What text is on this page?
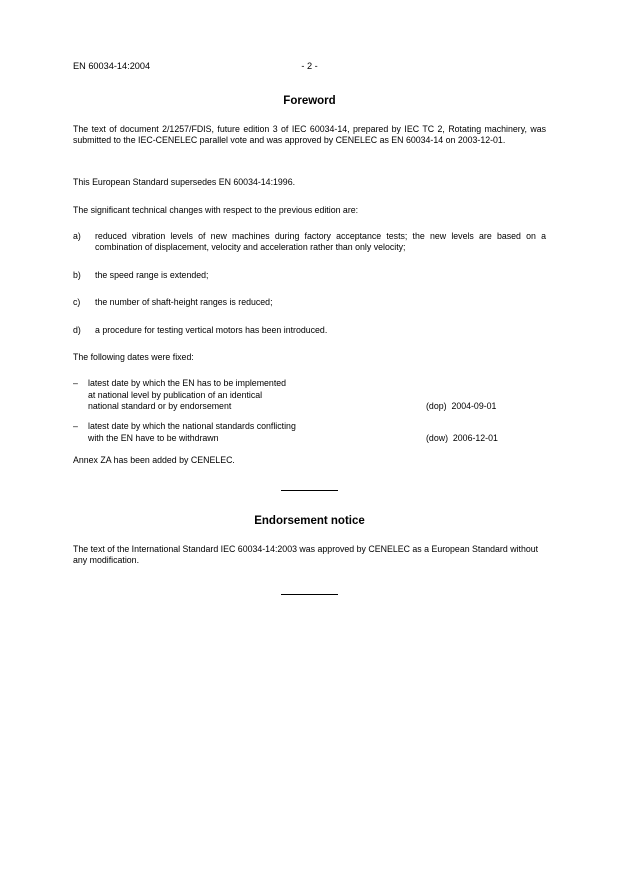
EN 60034-14:2004	- 2 -
Foreword
The text of document 2/1257/FDIS, future edition 3 of IEC 60034-14, prepared by IEC TC 2, Rotating machinery, was submitted to the IEC-CENELEC parallel vote and was approved by CENELEC as EN 60034-14 on 2003-12-01.
This European Standard supersedes EN 60034-14:1996.
The significant technical changes with respect to the previous edition are:
a) reduced vibration levels of new machines during factory acceptance tests; the new levels are based on a combination of displacement, velocity and acceleration rather than only velocity;
b) the speed range is extended;
c) the number of shaft-height ranges is reduced;
d) a procedure for testing vertical motors has been introduced.
The following dates were fixed:
– latest date by which the EN has to be implemented
at national level by publication of an identical
national standard or by endorsement	(dop) 2004-09-01
– latest date by which the national standards conflicting
with the EN have to be withdrawn	(dow) 2006-12-01
Annex ZA has been added by CENELEC.
Endorsement notice
The text of the International Standard IEC 60034-14:2003 was approved by CENELEC as a European Standard without any modification.
